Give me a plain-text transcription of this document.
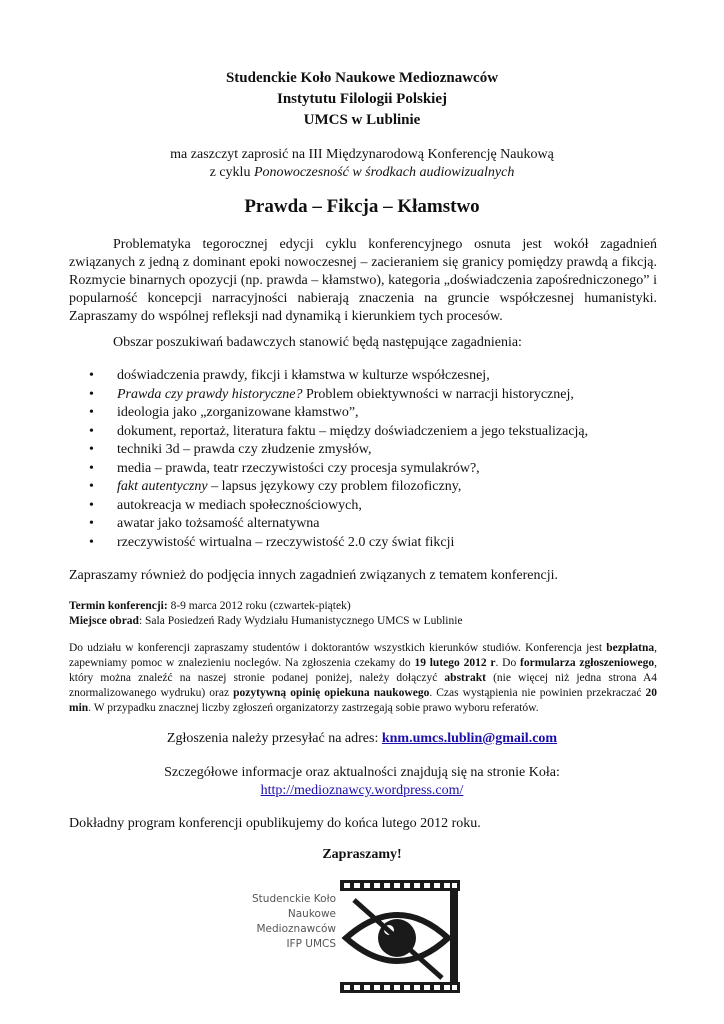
Studenckie Koło Naukowe Medioznawców
Instytutu Filologii Polskiej
UMCS w Lublinie
ma zaszczyt zaprosić na III Międzynarodową Konferencję Naukową
z cyklu Ponowoczesność w środkach audiowizualnych
Prawda – Fikcja – Kłamstwo
Problematyka tegorocznej edycji cyklu konferencyjnego osnuta jest wokół zagadnień związanych z jedną z dominant epoki nowoczesnej – zacieraniem się granicy pomiędzy prawdą a fikcją. Rozmycie binarnych opozycji (np. prawda – kłamstwo), kategoria „doświadczenia zapośredniczonego” i popularność koncepcji narracyjności nabierają znaczenia na gruncie współczesnej humanistyki. Zapraszamy do wspólnej refleksji nad dynamiką i kierunkiem tych procesów.
Obszar poszukiwań badawczych stanowić będą następujące zagadnienia:
• doświadczenia prawdy, fikcji i kłamstwa w kulturze współczesnej,
• Prawda czy prawdy historyczne? Problem obiektywności w narracji historycznej,
• ideologia jako „zorganizowane kłamstwo”,
• dokument, reportaż, literatura faktu – między doświadczeniem a jego tekstualizacją,
• techniki 3d – prawda czy złudzenie zmysłów,
• media – prawda, teatr rzeczywistości czy procesja symulakrów?,
• fakt autentyczny – lapsus językowy czy problem filozoficzny,
• autokreacja w mediach społecznościowych,
• awatar jako tożsamość alternatywna
• rzeczywistość wirtualna – rzeczywistość 2.0 czy świat fikcji
Zapraszamy również do podjęcia innych zagadnień związanych z tematem konferencji.
Termin konferencji: 8-9 marca 2012 roku (czwartek-piątek)
Miejsce obrad: Sala Posiedzeń Rady Wydziału Humanistycznego UMCS w Lublinie
Do udziału w konferencji zapraszamy studentów i doktorantów wszystkich kierunków studiów. Konferencja jest bezpłatna, zapewniamy pomoc w znalezieniu noclegów. Na zgłoszenia czekamy do 19 lutego 2012 r. Do formularza zgłoszeniowego, który można znaleźć na naszej stronie podanej poniżej, należy dołączyć abstrakt (nie więcej niż jedna strona A4 znormalizowanego wydruku) oraz pozytywną opinię opiekuna naukowego. Czas wystąpienia nie powinien przekraczać 20 min. W przypadku znacznej liczby zgłoszeń organizatorzy zastrzegają sobie prawo wyboru referatów.
Zgłoszenia należy przesyłać na adres: knm.umcs.lublin@gmail.com
Szczegółowe informacje oraz aktualności znajdują się na stronie Koła:
http://medioznawcy.wordpress.com/
Dokładny program konferencji opublikujemy do końca lutego 2012 roku.
Zapraszamy!
Studenckie Koło
Naukowe
Medioznawców
IFP UMCS
